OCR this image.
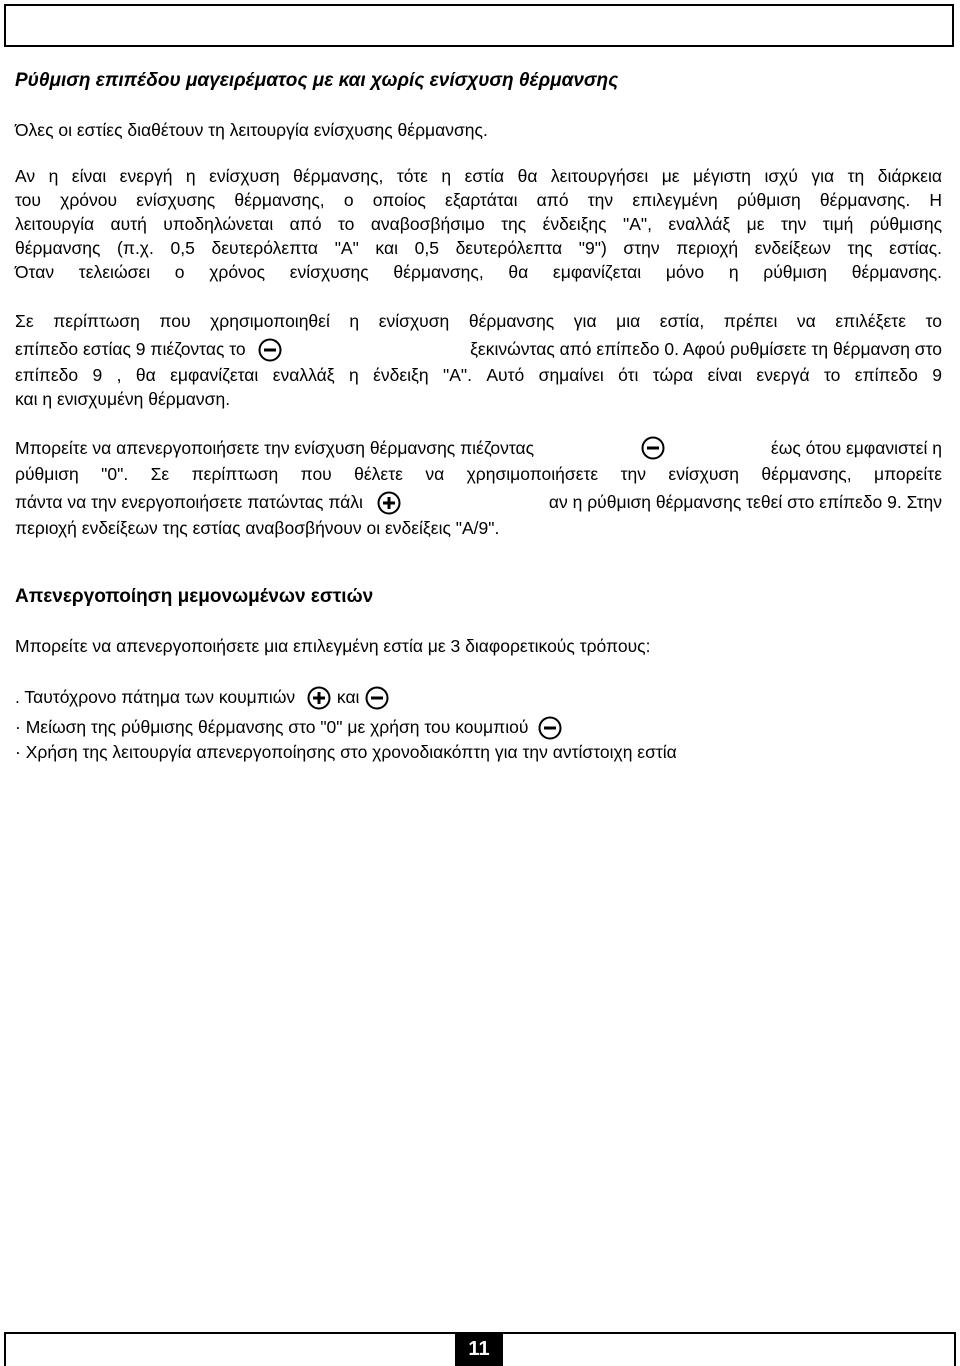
Ρύθμιση επιπέδου μαγειρέματος με και χωρίς ενίσχυση θέρμανσης
Όλες οι εστίες διαθέτουν τη λειτουργία ενίσχυσης θέρμανσης.
Αν η είναι ενεργή η ενίσχυση θέρμανσης, τότε η εστία θα λειτουργήσει με μέγιστη ισχύ για τη διάρκεια
του χρόνου ενίσχυσης θέρμανσης, ο οποίος εξαρτάται από την επιλεγμένη ρύθμιση θέρμανσης. Η
λειτουργία αυτή υποδηλώνεται από το αναβοσβήσιμο της ένδειξης "A", εναλλάξ με την τιμή ρύθμισης
θέρμανσης (π.χ. 0,5 δευτερόλεπτα "A" και 0,5 δευτερόλεπτα "9") στην περιοχή ενδείξεων της εστίας.
Όταν τελειώσει ο χρόνος ενίσχυσης θέρμανσης, θα εμφανίζεται μόνο η ρύθμιση θέρμανσης.
Σε περίπτωση που χρησιμοποιηθεί η ενίσχυση θέρμανσης για μια εστία, πρέπει να επιλέξετε το
επίπεδο εστίας 9 πιέζοντας το	ξεκινώντας από επίπεδο 0. Αφού ρυθμίσετε τη θέρμανση στο
επίπεδο 9 , θα εμφανίζεται εναλλάξ η ένδειξη "A". Αυτό σημαίνει ότι τώρα είναι ενεργά το επίπεδο 9
και η ενισχυμένη θέρμανση.
Μπορείτε να απενεργοποιήσετε την ενίσχυση θέρμανσης πιέζοντας	έως ότου εμφανιστεί η
ρύθμιση "0". Σε περίπτωση που θέλετε να χρησιμοποιήσετε την ενίσχυση θέρμανσης, μπορείτε
πάντα να την ενεργοποιήσετε πατώντας πάλι	αν η ρύθμιση θέρμανσης τεθεί στο επίπεδο 9. Στην
περιοχή ενδείξεων της εστίας αναβοσβήνουν οι ενδείξεις "A/9".
Απενεργοποίηση μεμονωμένων εστιών
Μπορείτε να απενεργοποιήσετε μια επιλεγμένη εστία με 3 διαφορετικούς τρόπους:
. Ταυτόχρονο πάτημα των κουμπιών και
· Μείωση της ρύθμισης θέρμανσης στο "0" με χρήση του κουμπιού
· Χρήση της λειτουργία απενεργοποίησης στο χρονοδιακόπτη για την αντίστοιχη εστία
11
